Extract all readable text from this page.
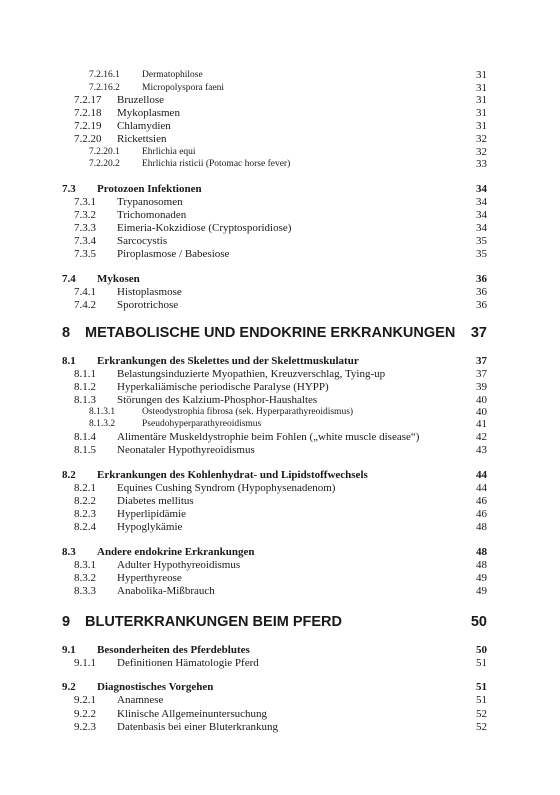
7.2.16.1 Dermatophilose	31
7.2.16.2 Micropolyspora faeni	31
7.2.17 Bruzellose	31
7.2.18 Mykoplasmen	31
7.2.19 Chlamydien	31
7.2.20 Rickettsien	32
7.2.20.1 Ehrlichia equi	32
7.2.20.2 Ehrlichia risticii (Potomac horse fever)	33
7.3 Protozoen Infektionen	34
7.3.1 Trypanosomen	34
7.3.2 Trichomonaden	34
7.3.3 Eimeria-Kokzidiose (Cryptosporidiose)	34
7.3.4 Sarcocystis	35
7.3.5 Piroplasmose / Babesiose	35
7.4 Mykosen	36
7.4.1 Histoplasmose	36
7.4.2 Sporotrichose	36
8 METABOLISCHE UND ENDOKRINE ERKRANKUNGEN 37
8.1 Erkrankungen des Skelettes und der Skelettmuskulatur	37
8.1.1 Belastungsinduzierte Myopathien, Kreuzverschlag, Tying-up	37
8.1.2 Hyperkaliämische periodische Paralyse (HYPP)	39
8.1.3 Störungen des Kalzium-Phosphor-Haushaltes	40
8.1.3.1	Osteodystrophia fibrosa (sek. Hyperparathyreoidismus)	40
8.1.3.2	Pseudohyperparathyreoidismus	41
8.1.4 Alimentäre Muskeldystrophie beim Fohlen („white muscle disease“)	42
8.1.5 Neonataler Hypothyreoidismus	43
8.2 Erkrankungen des Kohlenhydrat- und Lipidstoffwechsels	44
8.2.1 Equines Cushing Syndrom (Hypophysenadenom)	44
8.2.2 Diabetes mellitus	46
8.2.3 Hyperlipidämie	46
8.2.4 Hypoglykämie	48
8.3 Andere endokrine Erkrankungen	48
8.3.1 Adulter Hypothyreoidismus	48
8.3.2 Hyperthyreose	49
8.3.3 Anabolika-Mißbrauch	49
9 BLUTERKRANKUNGEN BEIM PFERD	50
9.1 Besonderheiten des Pferdeblutes	50
9.1.1 Definitionen Hämatologie Pferd	51
9.2 Diagnostisches Vorgehen	51
9.2.1 Anamnese	51
9.2.2 Klinische Allgemeinuntersuchung	52
9.2.3 Datenbasis bei einer Bluterkrankung	52
